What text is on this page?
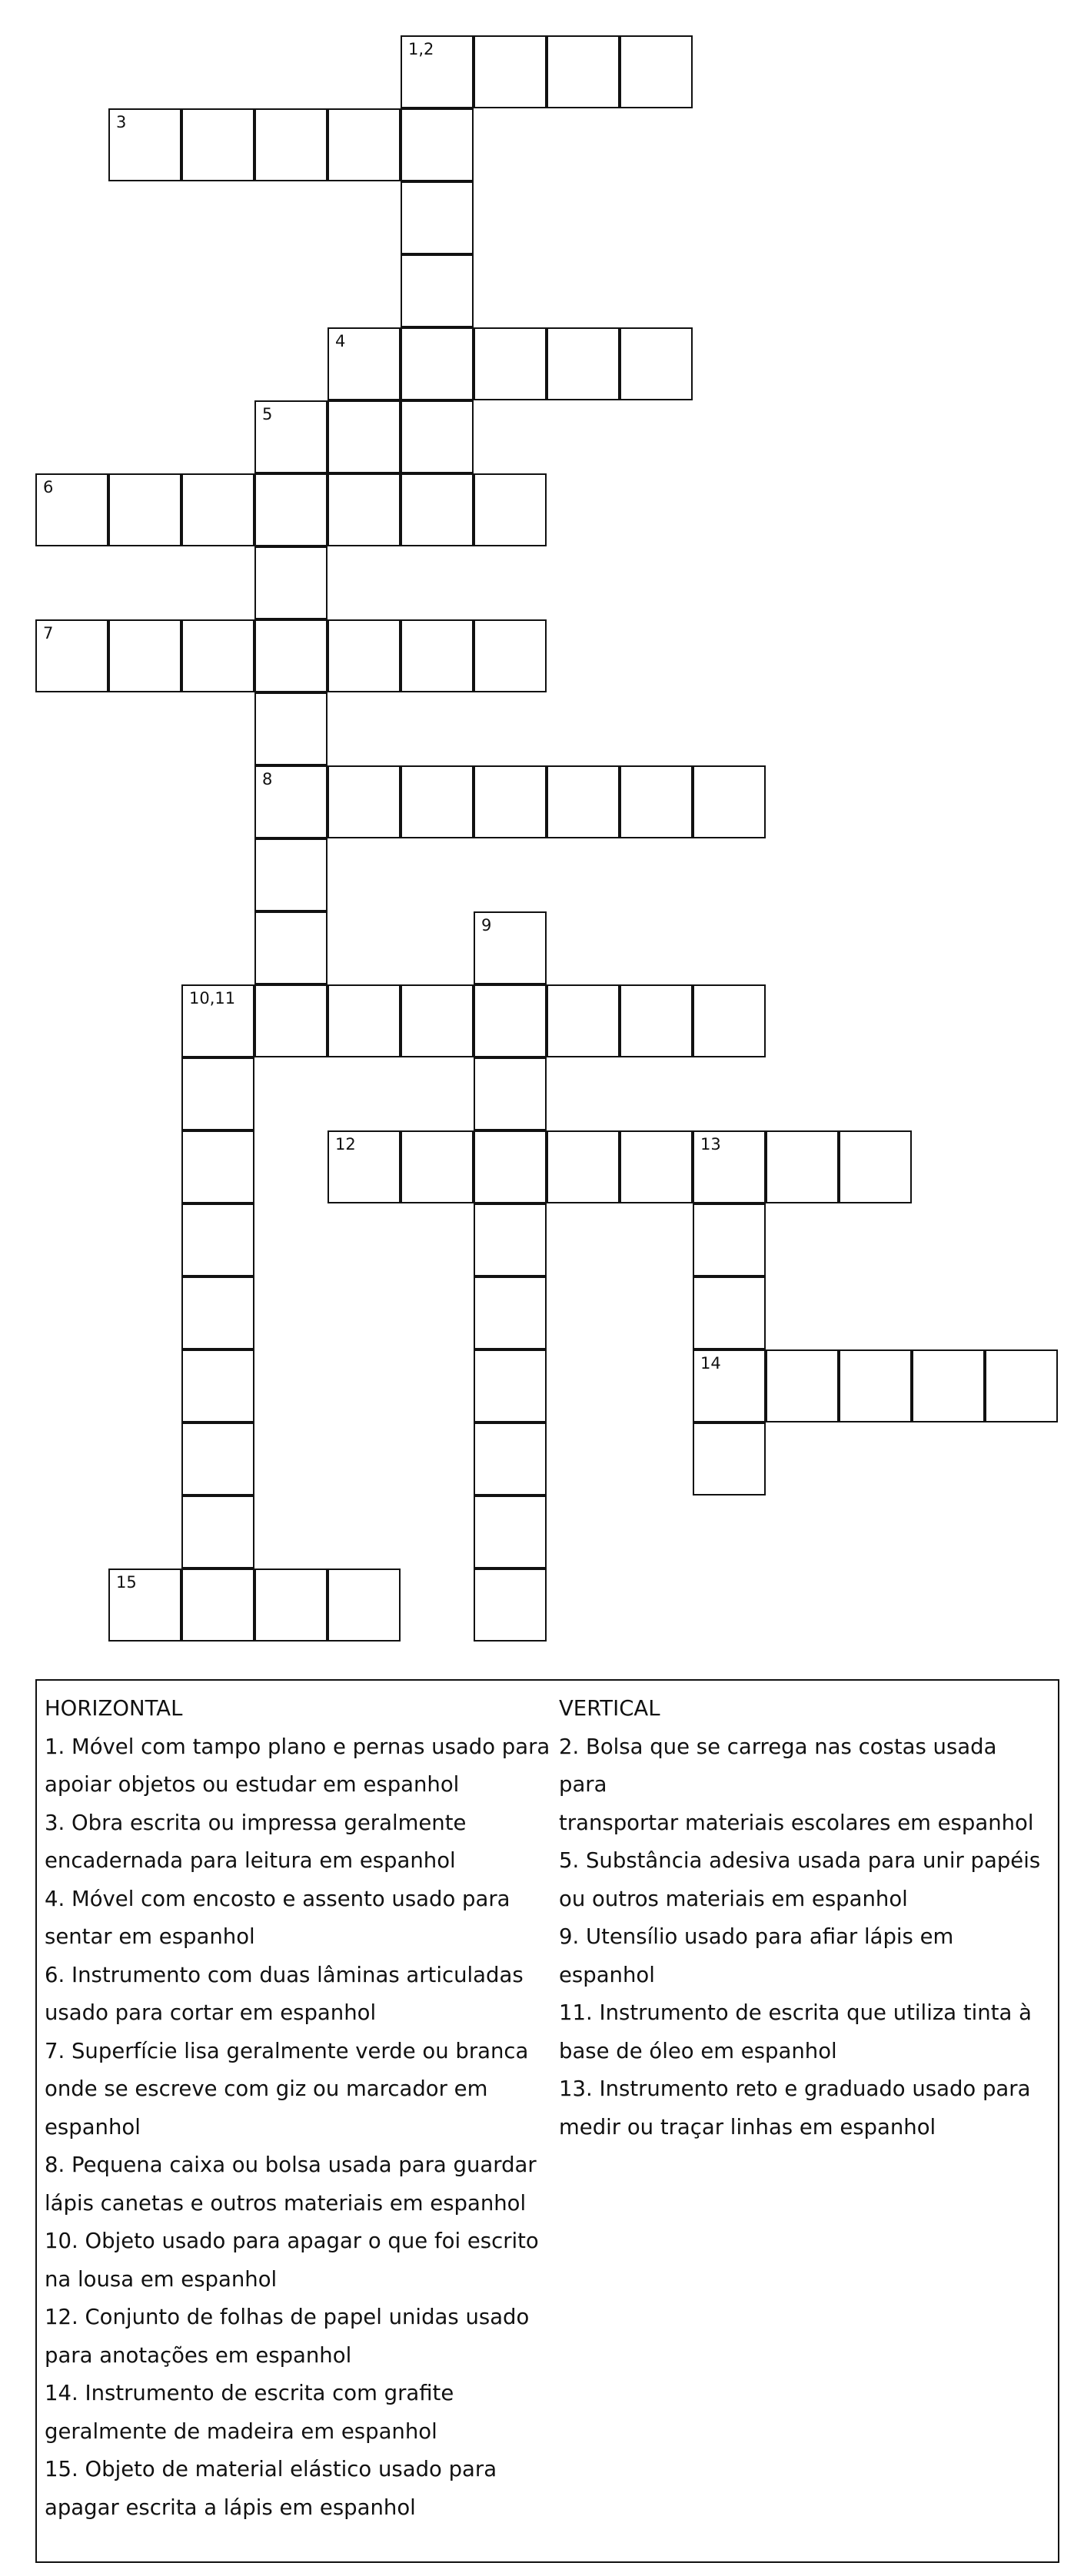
1,2
3
4
5
8
6
7
9
10,11
12	13
14
15
HORIZONTAL
1. Móvel com tampo plano e pernas usado para
apoiar objetos ou estudar em espanhol
3. Obra escrita ou impressa geralmente
encadernada para leitura em espanhol
4. Móvel com encosto e assento usado para
sentar em espanhol
6. Instrumento com duas lâminas articuladas
usado para cortar em espanhol
7. Superfície lisa geralmente verde ou branca
onde se escreve com giz ou marcador em
espanhol
8. Pequena caixa ou bolsa usada para guardar
lápis canetas e outros materiais em espanhol
10. Objeto usado para apagar o que foi escrito
na lousa em espanhol
12. Conjunto de folhas de papel unidas usado
para anotações em espanhol
14. Instrumento de escrita com grafite
geralmente de madeira em espanhol
15. Objeto de material elástico usado para
apagar escrita a lápis em espanhol
VERTICAL
2. Bolsa que se carrega nas costas usada para
transportar materiais escolares em espanhol
5. Substância adesiva usada para unir papéis
ou outros materiais em espanhol
9. Utensílio usado para afiar lápis em espanhol
11. Instrumento de escrita que utiliza tinta à
base de óleo em espanhol
13. Instrumento reto e graduado usado para
medir ou traçar linhas em espanhol
